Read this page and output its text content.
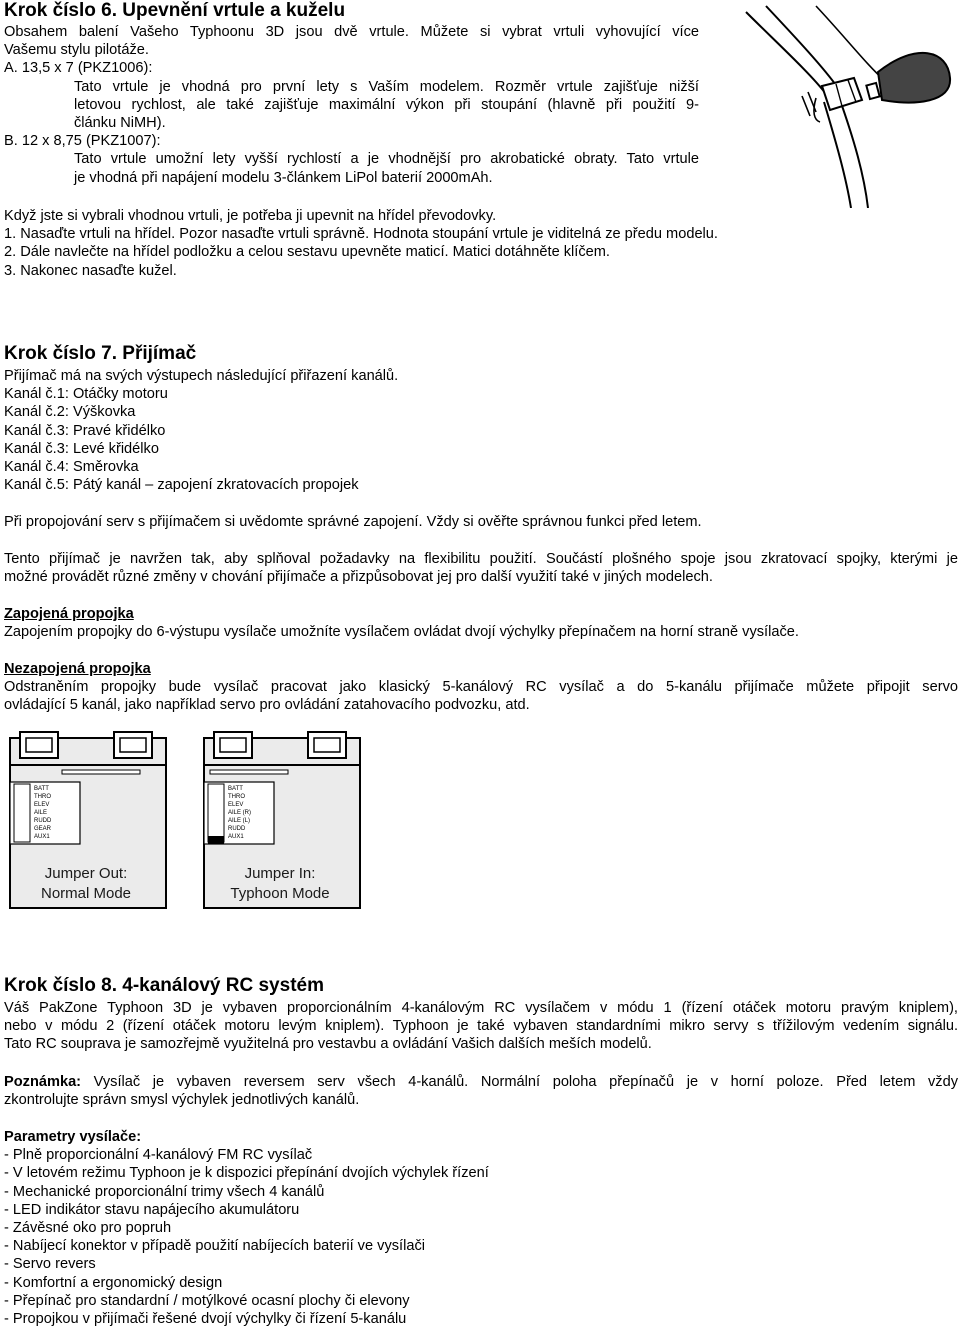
Krok číslo 6. Upevnění vrtule a kuželu

Obsahem balení Vašeho Typhoonu 3D jsou dvě vrtule. Můžete si vybrat vrtuli vyhovující více

Vašemu stylu pilotáže.

A. 13,5 x 7 (PKZ1006):

Tato vrtule je vhodná pro první lety s Vaším modelem. Rozměr vrtule zajišťuje nižší

letovou rychlost, ale také zajišťuje maximální výkon při stoupání (hlavně při použití 9-

článku NiMH).

B. 12 x 8,75 (PKZ1007):

Tato vrtule umožní lety vyšší rychlostí a je vhodnější pro akrobatické obraty. Tato vrtule

je vhodná při napájení modelu 3-článkem LiPol baterií 2000mAh.

Když jste si vybrali vhodnou vrtuli, je potřeba ji upevnit na hřídel převodovky.

1. Nasaďte vrtuli na hřídel. Pozor nasaďte vrtuli správně. Hodnota stoupání vrtule je viditelná ze předu modelu.

2. Dále navlečte na hřídel podložku a celou sestavu upevněte maticí. Matici dotáhněte klíčem.

3. Nakonec nasaďte kužel.

Krok číslo 7. Přijímač

Přijímač má na svých výstupech následující přiřazení kanálů.

Kanál č.1: Otáčky motoru

Kanál č.2: Výškovka

Kanál č.3: Pravé křidélko

Kanál č.3: Levé křidélko

Kanál č.4: Směrovka

Kanál č.5: Pátý kanál – zapojení zkratovacích propojek

Při propojování serv s přijímačem si uvědomte správné zapojení. Vždy si ověřte správnou funkci před letem.

Tento přijímač je navržen tak, aby splňoval požadavky na flexibilitu použití. Součástí plošného spoje jsou zkratovací spojky, kterými je

možné provádět různé změny v chování přijímače a přizpůsobovat jej pro další využití také v jiných modelech.

Zapojená propojka

Zapojením propojky do 6-výstupu vysílače umožníte vysílačem ovládat dvojí výchylky přepínačem na horní straně vysílače.

Nezapojená propojka

Odstraněním propojky bude vysílač pracovat jako klasický 5-kanálový RC vysílač a do 5-kanálu přijímače můžete připojit servo

ovládající 5 kanál, jako například servo pro ovládání zatahovacího podvozku, atd.

BATT
THRO
ELEV
AILE
RUDD
GEAR
AUX1
Jumper Out:
Normal Mode
BATT
THRO
ELEV
AILE (R)
AILE (L)
RUDD
AUX1
Jumper In:
Typhoon Mode
Krok číslo 8. 4-kanálový RC systém

Váš PakZone Typhoon 3D je vybaven proporcionálním 4-kanálovým RC vysílačem v módu 1 (řízení otáček motoru pravým kniplem),

nebo v módu 2 (řízení otáček motoru levým kniplem). Typhoon je také vybaven standardními mikro servy s třížilovým vedením signálu.

Tato RC souprava je samozřejmě využitelná pro vestavbu a ovládání Vašich dalších meších modelů.

Poznámka: Vysílač je vybaven reversem serv všech 4-kanálů. Normální poloha přepínačů je v horní poloze. Před letem vždy

zkontrolujte správn smysl výchylek jednotlivých kanálů.

Parametry vysílače:

- Plně proporcionální 4-kanálový FM RC vysílač

- V letovém režimu Typhoon je k dispozici přepínání dvojích výchylek řízení

- Mechanické proporcionální trimy všech 4 kanálů

- LED indikátor stavu napájecího akumulátoru

- Závěsné oko pro popruh

- Nabíjecí konektor v případě použití nabíjecích baterií ve vysílači

- Servo revers

- Komfortní a ergonomický design

- Přepínač pro standardní / motýlkové ocasní plochy či elevony

- Propojkou v přijímači řešené dvojí výchylky či řízení 5-kanálu
